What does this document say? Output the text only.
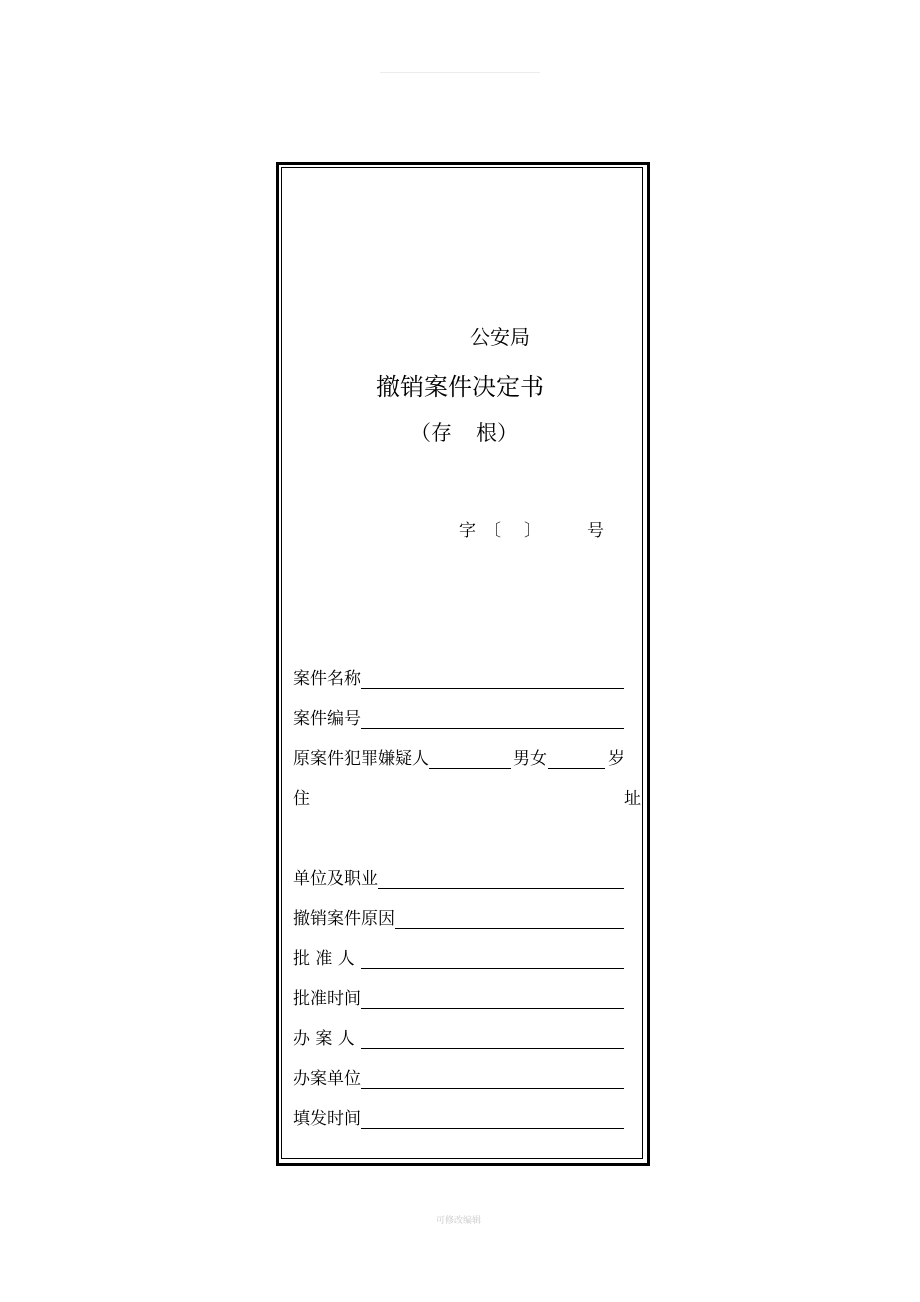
公安局
撤销案件决定书
（存 根）
字 〔 〕	号
案件名称
案件编号
原案件犯罪嫌疑人	男女	岁
住	址
单位及职业
撤销案件原因
批 准 人
批准时间
办 案 人
办案单位
填发时间
可修改编辑
